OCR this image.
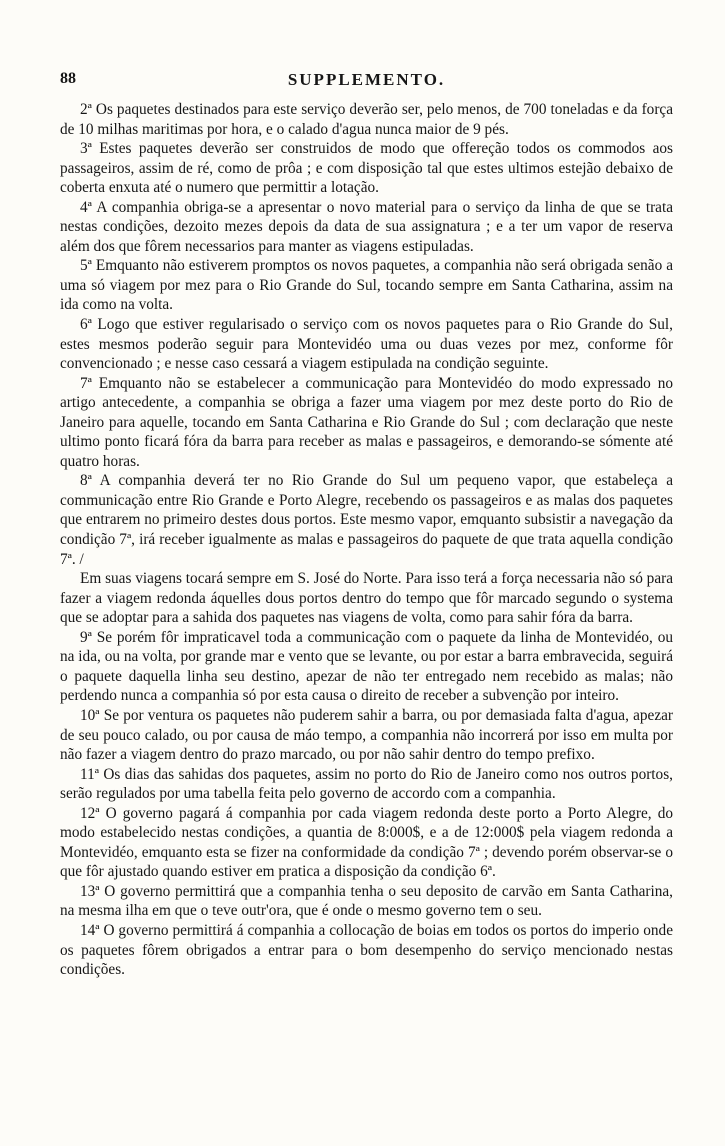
88	SUPPLEMENTO.

2ª Os paquetes destinados para este serviço deverão ser, pelo menos, de 700 toneladas e da força de 10 milhas maritimas por hora, e o calado d'agua nunca maior de 9 pés.

3ª Estes paquetes deverão ser construidos de modo que offereção todos os commodos aos passageiros, assim de ré, como de prôa ; e com disposição tal que estes ultimos estejão debaixo de coberta enxuta até o numero que permittir a lotação.

4ª A companhia obriga-se a apresentar o novo material para o serviço da linha de que se trata nestas condições, dezoito mezes depois da data de sua assignatura ; e a ter um vapor de reserva além dos que fôrem necessarios para manter as viagens estipuladas.

5ª Emquanto não estiverem promptos os novos paquetes, a companhia não será obrigada senão a uma só viagem por mez para o Rio Grande do Sul, tocando sempre em Santa Catharina, assim na ida como na volta.

6ª Logo que estiver regularisado o serviço com os novos paquetes para o Rio Grande do Sul, estes mesmos poderão seguir para Montevidéo uma ou duas vezes por mez, conforme fôr convencionado ; e nesse caso cessará a viagem estipulada na condição seguinte.

7ª Emquanto não se estabelecer a communicação para Montevidéo do modo expressado no artigo antecedente, a companhia se obriga a fazer uma viagem por mez deste porto do Rio de Janeiro para aquelle, tocando em Santa Catharina e Rio Grande do Sul ; com declaração que neste ultimo ponto ficará fóra da barra para receber as malas e passageiros, e demorando-se sómente até quatro horas.

8ª A companhia deverá ter no Rio Grande do Sul um pequeno vapor, que estabeleça a communicação entre Rio Grande e Porto Alegre, recebendo os passageiros e as malas dos paquetes que entrarem no primeiro destes dous portos. Este mesmo vapor, emquanto subsistir a navegação da condição 7ª, irá receber igualmente as malas e passageiros do paquete de que trata aquella condição 7ª. /

Em suas viagens tocará sempre em S. José do Norte. Para isso terá a força necessaria não só para fazer a viagem redonda áquelles dous portos dentro do tempo que fôr marcado segundo o systema que se adoptar para a sahida dos paquetes nas viagens de volta, como para sahir fóra da barra.

9ª Se porém fôr impraticavel toda a communicação com o paquete da linha de Montevidéo, ou na ida, ou na volta, por grande mar e vento que se levante, ou por estar a barra embravecida, seguirá o paquete daquella linha seu destino, apezar de não ter entregado nem recebido as malas; não perdendo nunca a companhia só por esta causa o direito de receber a subvenção por inteiro.

10ª Se por ventura os paquetes não puderem sahir a barra, ou por demasiada falta d'agua, apezar de seu pouco calado, ou por causa de máo tempo, a companhia não incorrerá por isso em multa por não fazer a viagem dentro do prazo marcado, ou por não sahir dentro do tempo prefixo.

11ª Os dias das sahidas dos paquetes, assim no porto do Rio de Janeiro como nos outros portos, serão regulados por uma tabella feita pelo governo de accordo com a companhia.

12ª O governo pagará á companhia por cada viagem redonda deste porto a Porto Alegre, do modo estabelecido nestas condições, a quantia de 8:000$, e a de 12:000$ pela viagem redonda a Montevidéo, emquanto esta se fizer na conformidade da condição 7ª ; devendo porém observar-se o que fôr ajustado quando estiver em pratica a disposição da condição 6ª.

13ª O governo permittirá que a companhia tenha o seu deposito de carvão em Santa Catharina, na mesma ilha em que o teve outr'ora, que é onde o mesmo governo tem o seu.

14ª O governo permittirá á companhia a collocação de boias em todos os portos do imperio onde os paquetes fôrem obrigados a entrar para o bom desempenho do serviço mencionado nestas condições.
